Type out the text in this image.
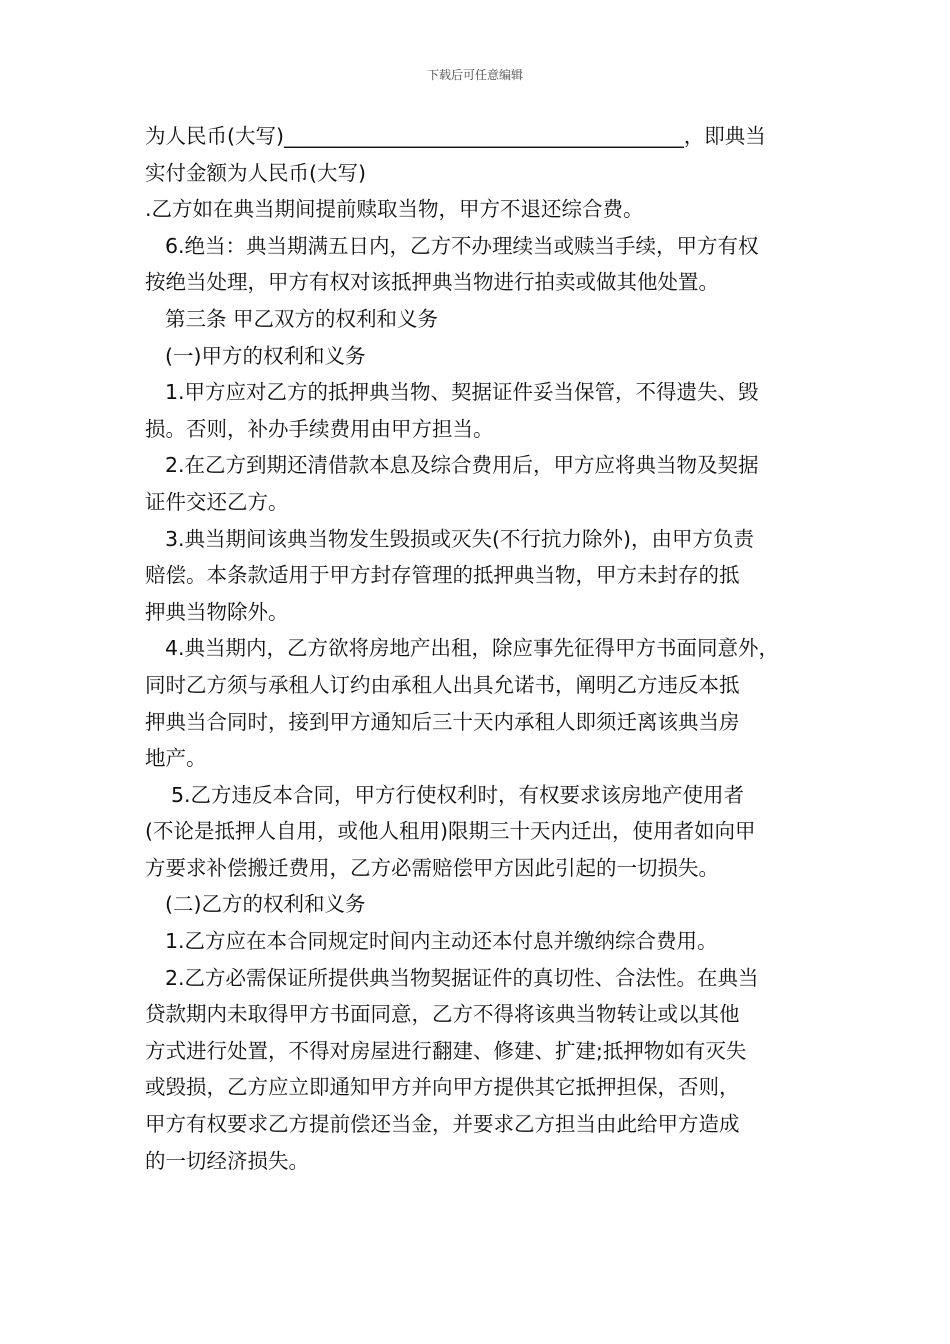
下载后可任意编辑
为人民币(大写)_______________________________________，即典当
实付金额为人民币(大写)
.乙方如在典当期间提前赎取当物，甲方不退还综合费。
6.绝当：典当期满五日内，乙方不办理续当或赎当手续，甲方有权
按绝当处理，甲方有权对该抵押典当物进行拍卖或做其他处置。
第三条 甲乙双方的权利和义务
(一)甲方的权利和义务
1.甲方应对乙方的抵押典当物、契据证件妥当保管，不得遗失、毁
损。否则，补办手续费用由甲方担当。
2.在乙方到期还清借款本息及综合费用后，甲方应将典当物及契据
证件交还乙方。
3.典当期间该典当物发生毁损或灭失(不行抗力除外)，由甲方负责
赔偿。本条款适用于甲方封存管理的抵押典当物，甲方未封存的抵
押典当物除外。
4.典当期内，乙方欲将房地产出租，除应事先征得甲方书面同意外，
同时乙方须与承租人订约由承租人出具允诺书，阐明乙方违反本抵
押典当合同时，接到甲方通知后三十天内承租人即须迁离该典当房
地产。
5.乙方违反本合同，甲方行使权利时，有权要求该房地产使用者
(不论是抵押人自用，或他人租用)限期三十天内迁出，使用者如向甲
方要求补偿搬迁费用，乙方必需赔偿甲方因此引起的一切损失。
(二)乙方的权利和义务
1.乙方应在本合同规定时间内主动还本付息并缴纳综合费用。
2.乙方必需保证所提供典当物契据证件的真切性、合法性。在典当
贷款期内未取得甲方书面同意，乙方不得将该典当物转让或以其他
方式进行处置，不得对房屋进行翻建、修建、扩建;抵押物如有灭失
或毁损，乙方应立即通知甲方并向甲方提供其它抵押担保，否则，
甲方有权要求乙方提前偿还当金，并要求乙方担当由此给甲方造成
的一切经济损失。
